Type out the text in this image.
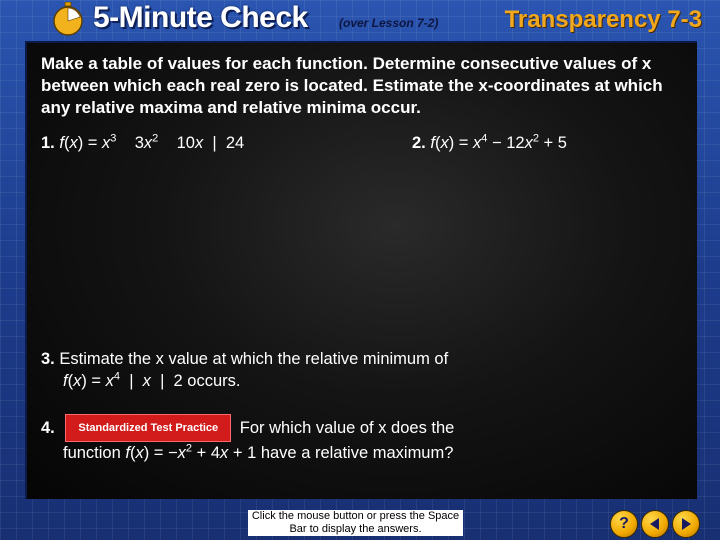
5-Minute Check	(over Lesson 7-2)	Transparency 7-3
Make a table of values for each function. Determine consecutive values of x between which each real zero is located. Estimate the x-coordinates at which any relative maxima and relative minima occur.
1. $f(x) = x^3$    $3x^2$    10x  |  24	2. $f(x) = x^4 - 12x^2 + 5$
3. Estimate the x value at which the relative minimum of
$f(x) = x^4$  |  x  |  2 occurs.
4. Standardized Test Practice For which value of x does the
function $f(x) = -x^2 + 4x + 1$ have a relative maximum?
Click the mouse button or press the Space Bar to display the answers.	?
